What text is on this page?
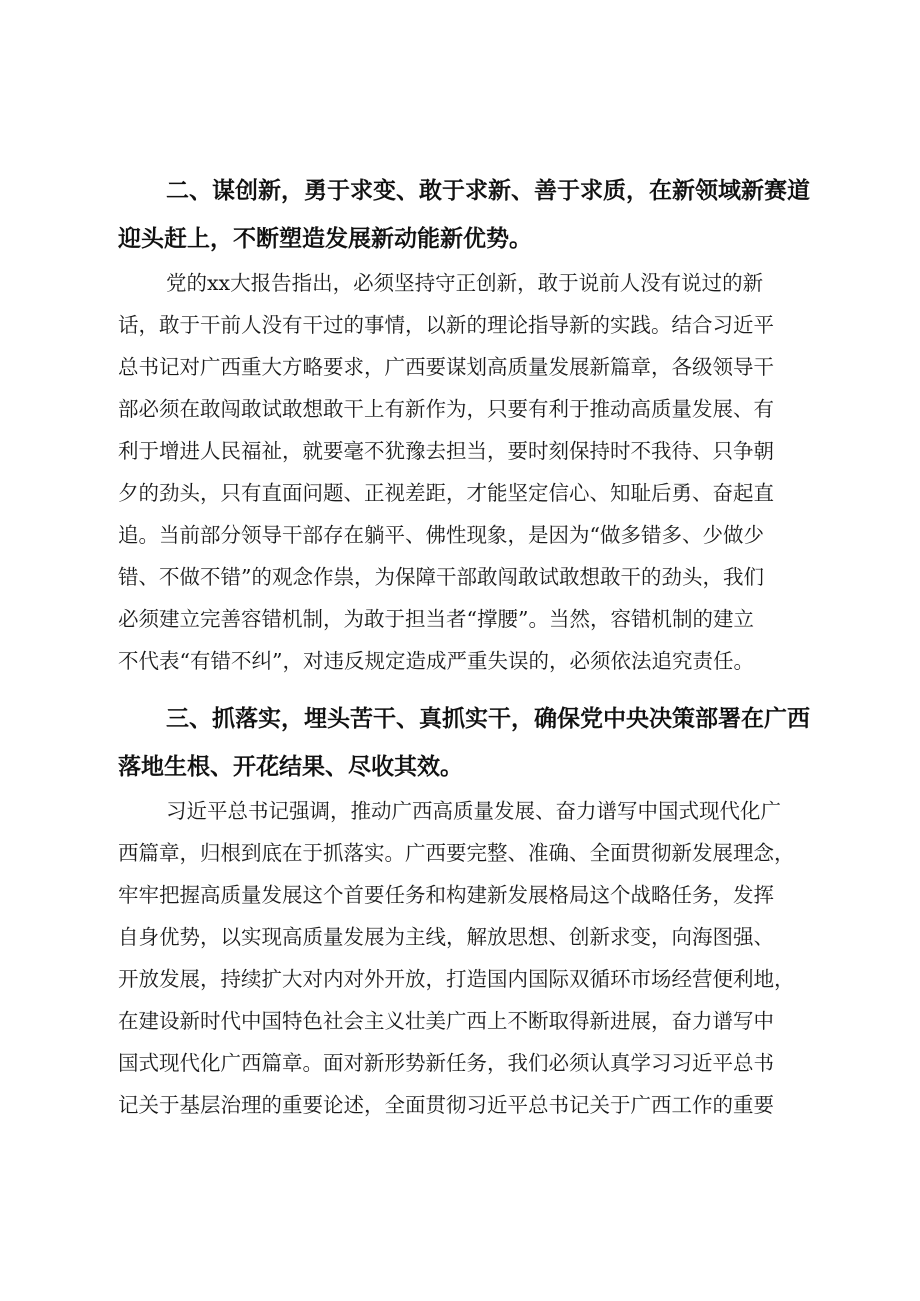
二、谋创新，勇于求变、敢于求新、善于求质，在新领域新赛道
迎头赶上，不断塑造发展新动能新优势。
党的xx大报告指出，必须坚持守正创新，敢于说前人没有说过的新
话，敢于干前人没有干过的事情，以新的理论指导新的实践。结合习近平
总书记对广西重大方略要求，广西要谋划高质量发展新篇章，各级领导干
部必须在敢闯敢试敢想敢干上有新作为，只要有利于推动高质量发展、有
利于增进人民福祉，就要毫不犹豫去担当，要时刻保持时不我待、只争朝
夕的劲头，只有直面问题、正视差距，才能坚定信心、知耻后勇、奋起直
追。当前部分领导干部存在躺平、佛性现象，是因为“做多错多、少做少
错、不做不错”的观念作祟，为保障干部敢闯敢试敢想敢干的劲头，我们
必须建立完善容错机制，为敢于担当者“撑腰”。当然，容错机制的建立
不代表“有错不纠”，对违反规定造成严重失误的，必须依法追究责任。
三、抓落实，埋头苦干、真抓实干，确保党中央决策部署在广西
落地生根、开花结果、尽收其效。
习近平总书记强调，推动广西高质量发展、奋力谱写中国式现代化广
西篇章，归根到底在于抓落实。广西要完整、准确、全面贯彻新发展理念，
牢牢把握高质量发展这个首要任务和构建新发展格局这个战略任务，发挥
自身优势，以实现高质量发展为主线，解放思想、创新求变，向海图强、
开放发展，持续扩大对内对外开放，打造国内国际双循环市场经营便利地，
在建设新时代中国特色社会主义壮美广西上不断取得新进展，奋力谱写中
国式现代化广西篇章。面对新形势新任务，我们必须认真学习习近平总书
记关于基层治理的重要论述，全面贯彻习近平总书记关于广西工作的重要
